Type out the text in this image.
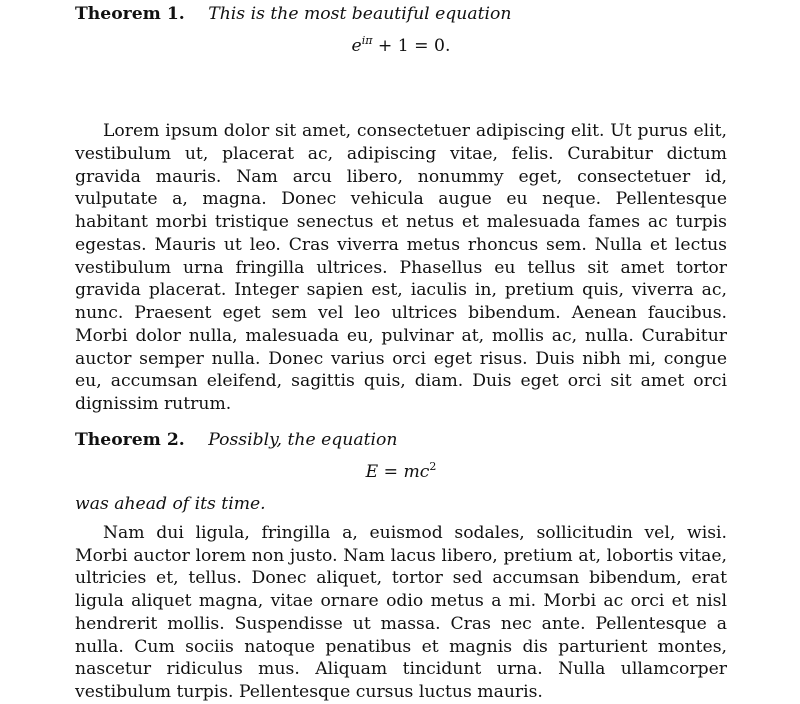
Theorem 1. This is the most beautiful equation

$e^{i\pi} + 1 = 0$.

Lorem ipsum dolor sit amet, consectetuer adipiscing elit. Ut purus elit, vestibulum ut, placerat ac, adipiscing vitae, felis. Curabitur dictum gravida mauris. Nam arcu libero, nonummy eget, consectetuer id, vulputate a, magna. Donec vehicula augue eu neque. Pellentesque habitant morbi tristique senectus et netus et malesuada fames ac turpis egestas. Mauris ut leo. Cras viverra metus rhoncus sem. Nulla et lectus vestibulum urna fringilla ultrices. Phasellus eu tellus sit amet tortor gravida placerat. Integer sapien est, iaculis in, pretium quis, viverra ac, nunc. Praesent eget sem vel leo ultrices bibendum. Aenean faucibus. Morbi dolor nulla, malesuada eu, pulvinar at, mollis ac, nulla. Curabitur auctor semper nulla. Donec varius orci eget risus. Duis nibh mi, congue eu, accumsan eleifend, sagittis quis, diam. Duis eget orci sit amet orci dignissim rutrum.

Theorem 2. Possibly, the equation

$E = mc^2$

was ahead of its time.

Nam dui ligula, fringilla a, euismod sodales, sollicitudin vel, wisi. Morbi auctor lorem non justo. Nam lacus libero, pretium at, lobortis vitae, ultricies et, tellus. Donec aliquet, tortor sed accumsan bibendum, erat ligula aliquet magna, vitae ornare odio metus a mi. Morbi ac orci et nisl hendrerit mollis. Suspendisse ut massa. Cras nec ante. Pellentesque a nulla. Cum sociis natoque penatibus et magnis dis parturient montes, nascetur ridiculus mus. Aliquam tincidunt urna. Nulla ullamcorper vestibulum turpis. Pellentesque cursus luctus mauris.
